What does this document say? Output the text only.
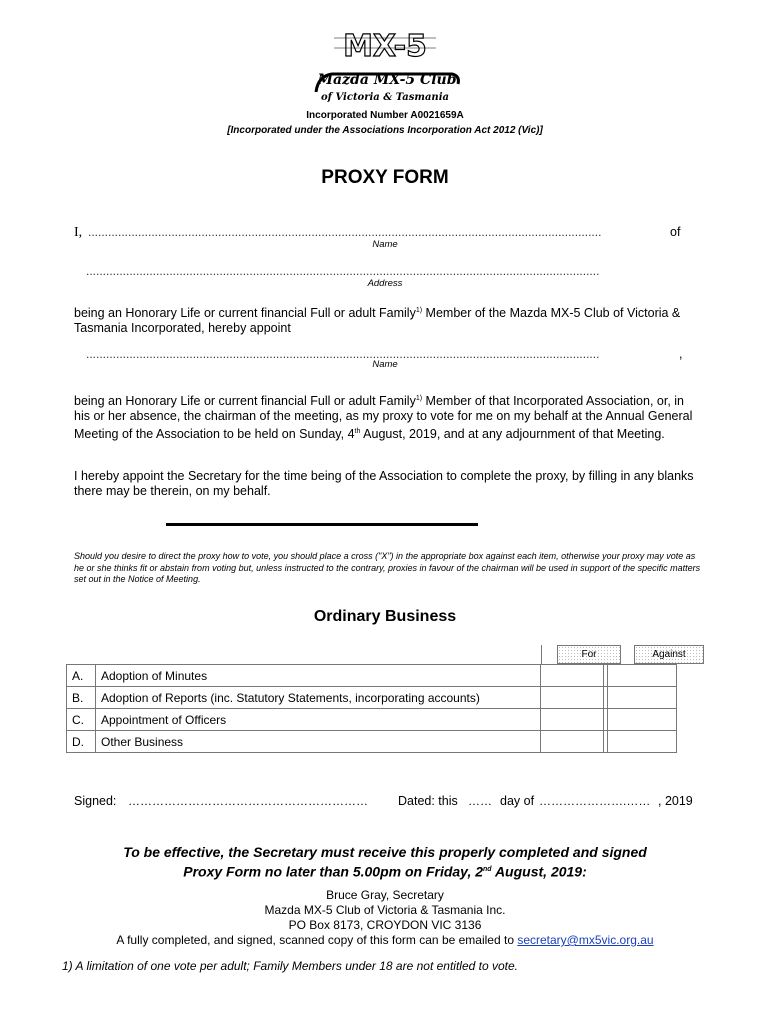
MX-5
Mazda MX-5 Club
of Victoria & Tasmania
Incorporated Number A0021659A
[Incorporated under the Associations Incorporation Act 2012 (Vic)]
PROXY FORM
I, ..........................................................................................................................................................	of
Name
..........................................................................................................................................................
Address
being an Honorary Life or current financial Full or adult Family$^{1)}$ Member of the Mazda MX-5 Club of Victoria & Tasmania Incorporated, hereby appoint
..........................................................................................................................................................	,
Name
being an Honorary Life or current financial Full or adult Family$^{1)}$ Member of that Incorporated Association, or, in his or her absence, the chairman of the meeting, as my proxy to vote for me on my behalf at the Annual General Meeting of the Association to be held on Sunday, 4th August, 2019, and at any adjournment of that Meeting.
I hereby appoint the Secretary for the time being of the Association to complete the proxy, by filling in any blanks there may be therein, on my behalf.
Should you desire to direct the proxy how to vote, you should place a cross ("X") in the appropriate box against each item, otherwise your proxy may vote as he or she thinks fit or abstain from voting but, unless instructed to the contrary, proxies in favour of the chairman will be used in support of the specific matters set out in the Notice of Meeting.
Ordinary Business
For	Against
A.	Adoption of Minutes			
B.	Adoption of Reports (inc. Statutory Statements, incorporating accounts)			
C.	Appointment of Officers			
D.	Other Business			
Signed: …………………………………………………… Dated: this …… day of ………………….…… , 2019
To be effective, the Secretary must receive this properly completed and signed
Proxy Form no later than 5.00pm on Friday, 2nd August, 2019:
Bruce Gray, Secretary
Mazda MX-5 Club of Victoria & Tasmania Inc.
PO Box 8173, CROYDON VIC 3136
A fully completed, and signed, scanned copy of this form can be emailed to secretary@mx5vic.org.au
1) A limitation of one vote per adult; Family Members under 18 are not entitled to vote.
